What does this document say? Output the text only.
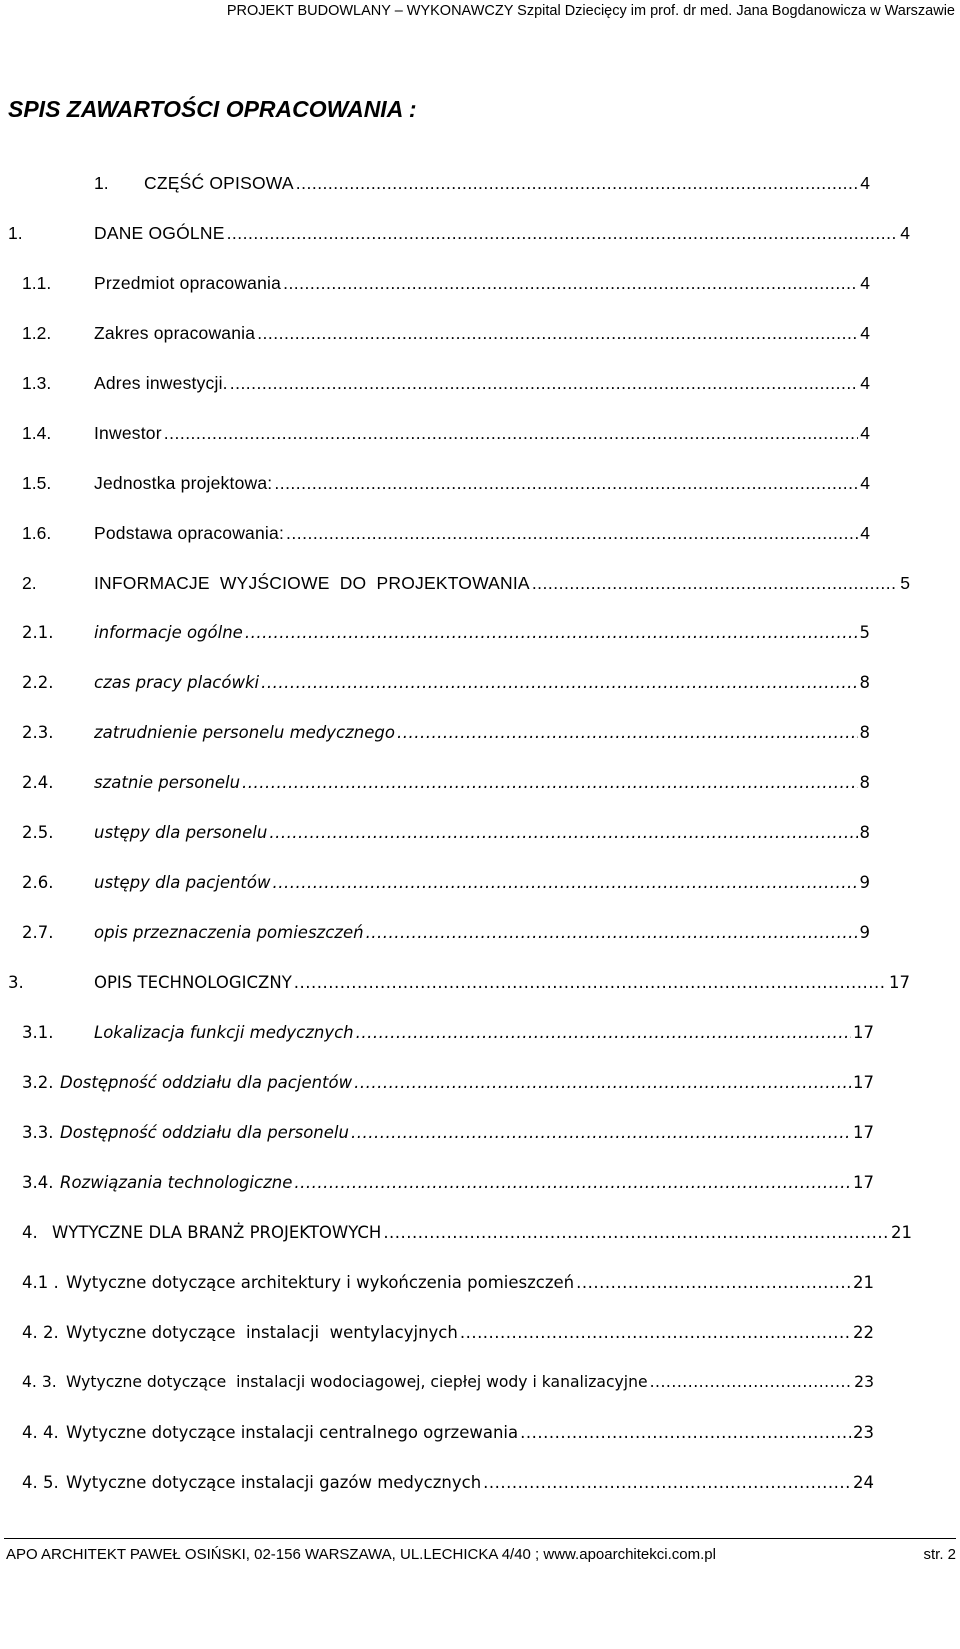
PROJEKT BUDOWLANY – WYKONAWCZY Szpital Dziecięcy im prof. dr med. Jana Bogdanowicza w Warszawie
SPIS ZAWARTOŚCI OPRACOWANIA :
1.	CZĘŚĆ OPISOWA .....	4
1.	DANE OGÓLNE .....	4
1.1.	Przedmiot opracowania .....	4
1.2.	Zakres opracowania .....	4
1.3.	Adres inwestycji. .....	4
1.4.	Inwestor .....	4
1.5.	Jednostka projektowa: .....	4
1.6.	Podstawa opracowania: .....	4
2.	INFORMACJE  WYJŚCIOWE  DO  PROJEKTOWANIA .....	5
2.1.	informacje ogólne .....	5
2.2.	czas pracy placówki .....	8
2.3.	zatrudnienie personelu medycznego .....	8
2.4.	szatnie personelu .....	8
2.5.	ustępy dla personelu .....	8
2.6.	ustępy dla pacjentów .....	9
2.7.	opis przeznaczenia pomieszczeń .....	9
3.	OPIS TECHNOLOGICZNY .....	17
3.1.	Lokalizacja funkcji medycznych .....	17
3.2. Dostępność oddziału dla pacjentów .....	17
3.3. Dostępność oddziału dla personelu .....	17
3.4. Rozwiązania technologiczne .....	17
4. WYTYCZNE DLA BRANŻ PROJEKTOWYCH .....	21
4.1 . Wytyczne dotyczące architektury i wykończenia pomieszczeń .....	21
4. 2. Wytyczne dotyczące  instalacji  wentylacyjnych .....	22
4. 3. Wytyczne dotyczące  instalacji wodociagowej, ciepłej wody i kanalizacyjne .....	23
4. 4. Wytyczne dotyczące instalacji centralnego ogrzewania .....	23
4. 5. Wytyczne dotyczące instalacji gazów medycznych .....	24
APO ARCHITEKT PAWEŁ OSIŃSKI, 02-156 WARSZAWA, UL.LECHICKA 4/40 ; www.apoarchitekci.com.pl	str. 2
